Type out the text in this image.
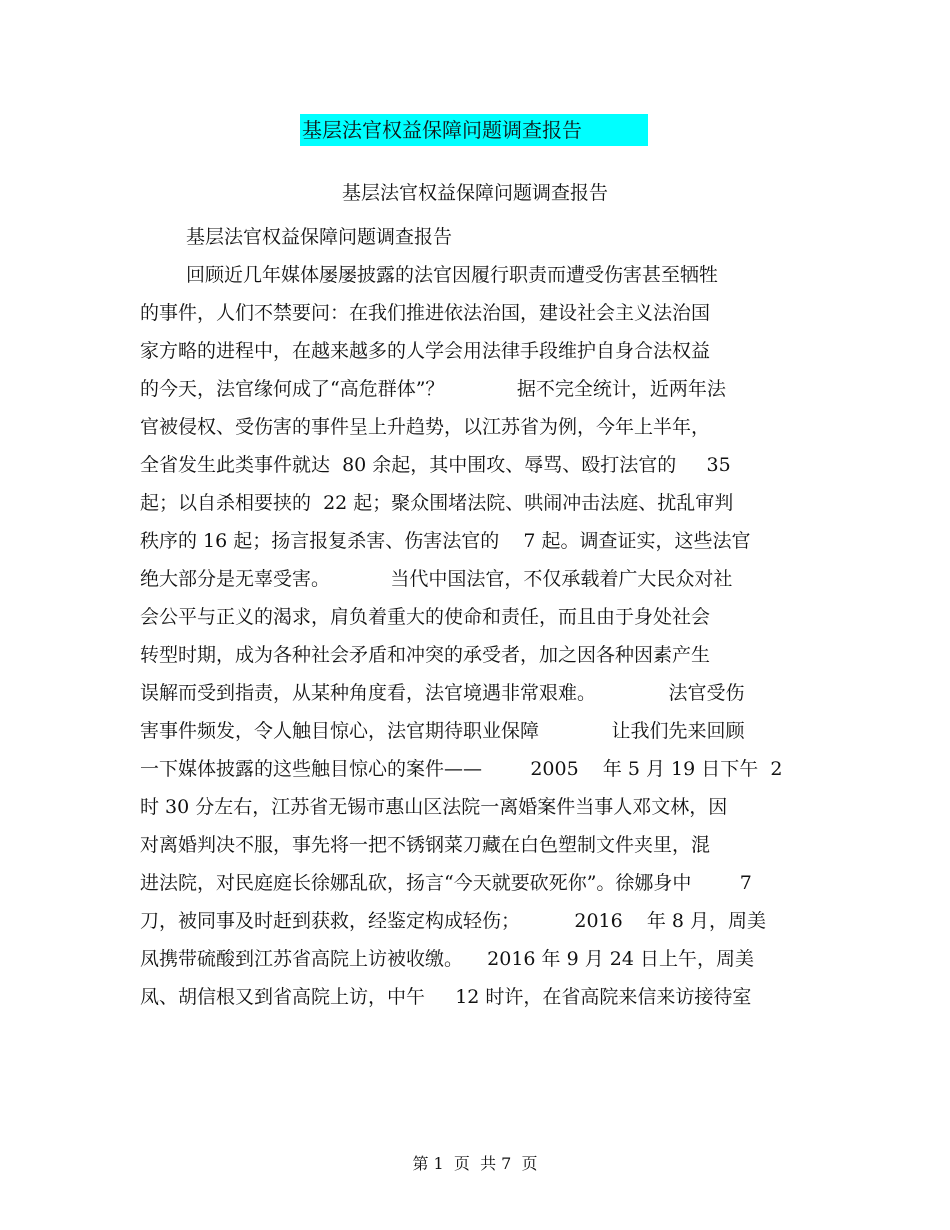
基层法官权益保障问题调查报告
基层法官权益保障问题调查报告
基层法官权益保障问题调查报告
回顾近几年媒体屡屡披露的法官因履行职责而遭受伤害甚至牺牲
的事件，人们不禁要问：在我们推进依法治国，建设社会主义法治国
家方略的进程中，在越来越多的人学会用法律手段维护自身合法权益
的今天，法官缘何成了“高危群体”？            据不完全统计，近两年法
官被侵权、受伤害的事件呈上升趋势，以江苏省为例，今年上半年，
全省发生此类事件就达  80 余起，其中围攻、辱骂、殴打法官的     35
起；以自杀相要挟的  22 起；聚众围堵法院、哄闹冲击法庭、扰乱审判
秩序的 16 起；扬言报复杀害、伤害法官的    7 起。调查证实，这些法官
绝大部分是无辜受害。          当代中国法官，不仅承载着广大民众对社
会公平与正义的渴求，肩负着重大的使命和责任，而且由于身处社会
转型时期，成为各种社会矛盾和冲突的承受者，加之因各种因素产生
误解而受到指责，从某种角度看，法官境遇非常艰难。            法官受伤
害事件频发，令人触目惊心，法官期待职业保障            让我们先来回顾
一下媒体披露的这些触目惊心的案件——        2005    年 5 月 19 日下午  2
时 30 分左右，江苏省无锡市惠山区法院一离婚案件当事人邓文林，因
对离婚判决不服，事先将一把不锈钢菜刀藏在白色塑制文件夹里，混
进法院，对民庭庭长徐娜乱砍，扬言“今天就要砍死你”。徐娜身中        7
刀，被同事及时赶到获救，经鉴定构成轻伤；         2016    年 8 月，周美
凤携带硫酸到江苏省高院上访被收缴。    2016 年 9 月 24 日上午，周美
凤、胡信根又到省高院上访，中午     12 时许，在省高院来信来访接待室
第 1  页  共 7  页
